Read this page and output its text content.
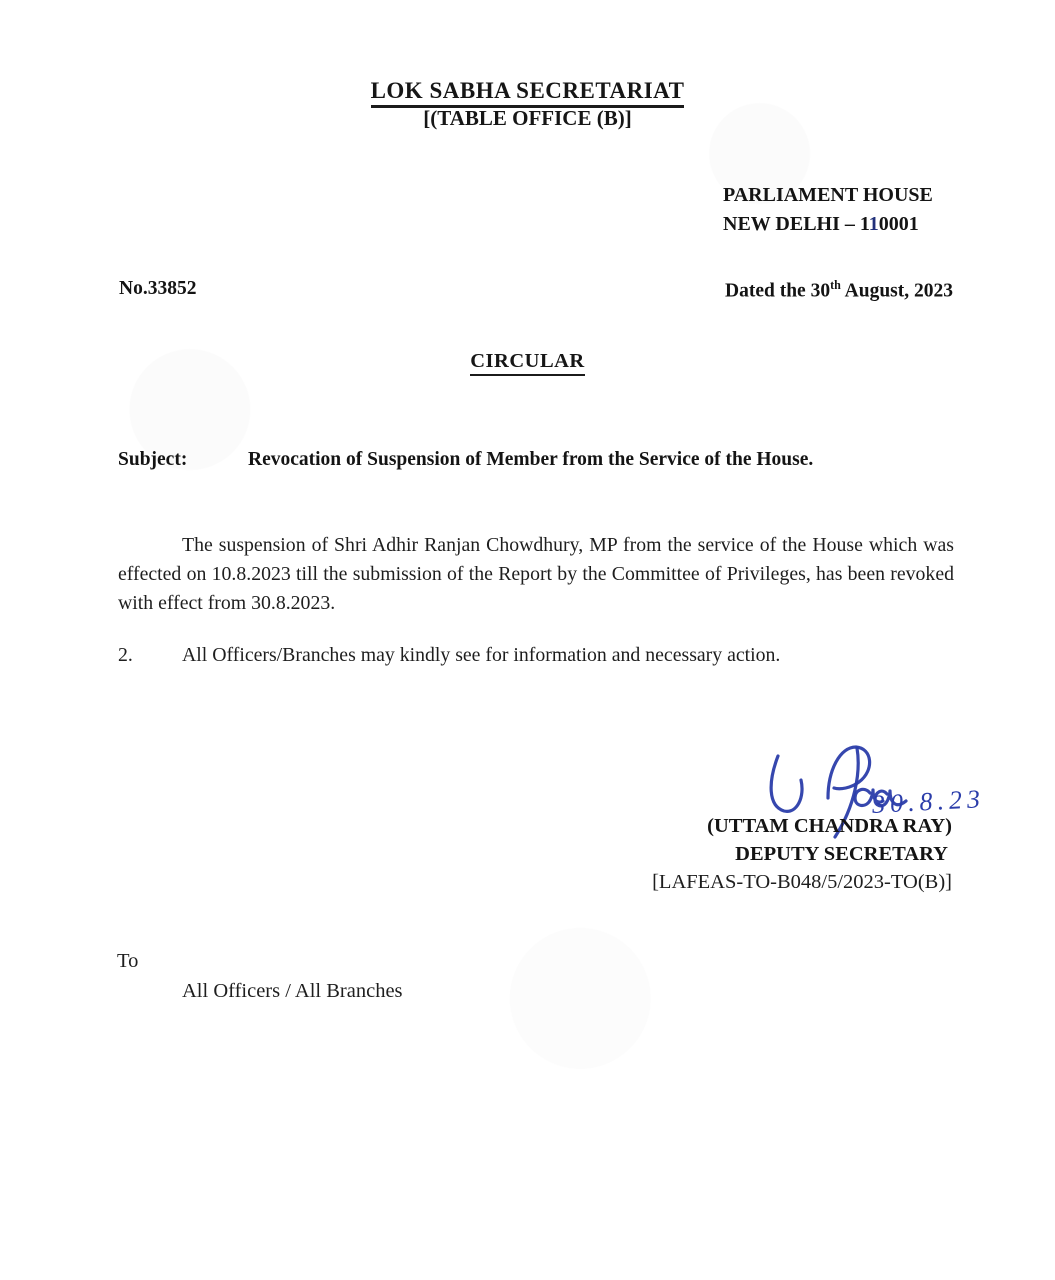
LOK SABHA SECRETARIAT
[(TABLE OFFICE (B)]
PARLIAMENT HOUSE
NEW DELHI – 110001
No.33852	Dated the 30th August, 2023
CIRCULAR
Subject:	Revocation of Suspension of Member from the Service of the House.
The suspension of Shri Adhir Ranjan Chowdhury, MP from the service of the House which was effected on 10.8.2023 till the submission of the Report by the Committee of Privileges, has been revoked with effect from 30.8.2023.
2. All Officers/Branches may kindly see for information and necessary action.
30.8.23
(UTTAM CHANDRA RAY)
DEPUTY SECRETARY
[LAFEAS-TO-B048/5/2023-TO(B)]
To
All Officers / All Branches
